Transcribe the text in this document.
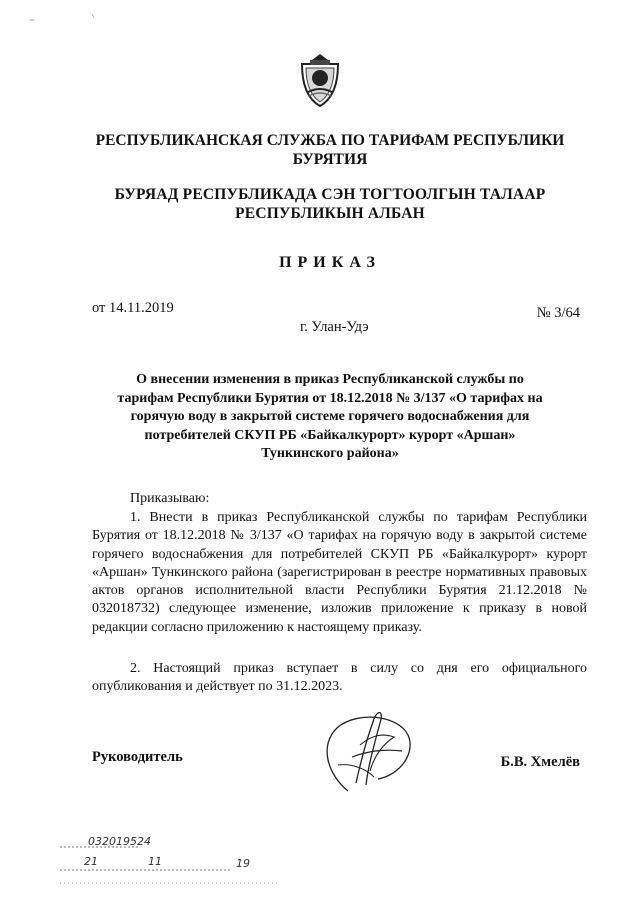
РЕСПУБЛИКАНСКАЯ СЛУЖБА ПО ТАРИФАМ РЕСПУБЛИКИ БУРЯТИЯ
БУРЯАД РЕСПУБЛИКАДА СЭН ТОГТООЛГЫН ТАЛААР РЕСПУБЛИКЫН АЛБАН
ПРИКАЗ
от 14.11.2019	№ 3/64
г. Улан-Удэ
О внесении изменения в приказ Республиканской службы по тарифам Республики Бурятия от 18.12.2018 № 3/137 «О тарифах на горячую воду в закрытой системе горячего водоснабжения для потребителей СКУП РБ «Байкалкурорт» курорт «Аршан» Тункинского района»
Приказываю:
1. Внести в приказ Республиканской службы по тарифам Республики Бурятия от 18.12.2018 № 3/137 «О тарифах на горячую воду в закрытой системе горячего водоснабжения для потребителей СКУП РБ «Байкалкурорт» курорт «Аршан» Тункинского района (зарегистрирован в реестре нормативных правовых актов органов исполнительной власти Республики Бурятия 21.12.2018 № 032018732) следующее изменение, изложив приложение к приказу в новой редакции согласно приложению к настоящему приказу.
2. Настоящий приказ вступает в силу со дня его официального опубликования и действует по 31.12.2023.
Руководитель	Б.В. Хмелёв
032019524
21	11	19
